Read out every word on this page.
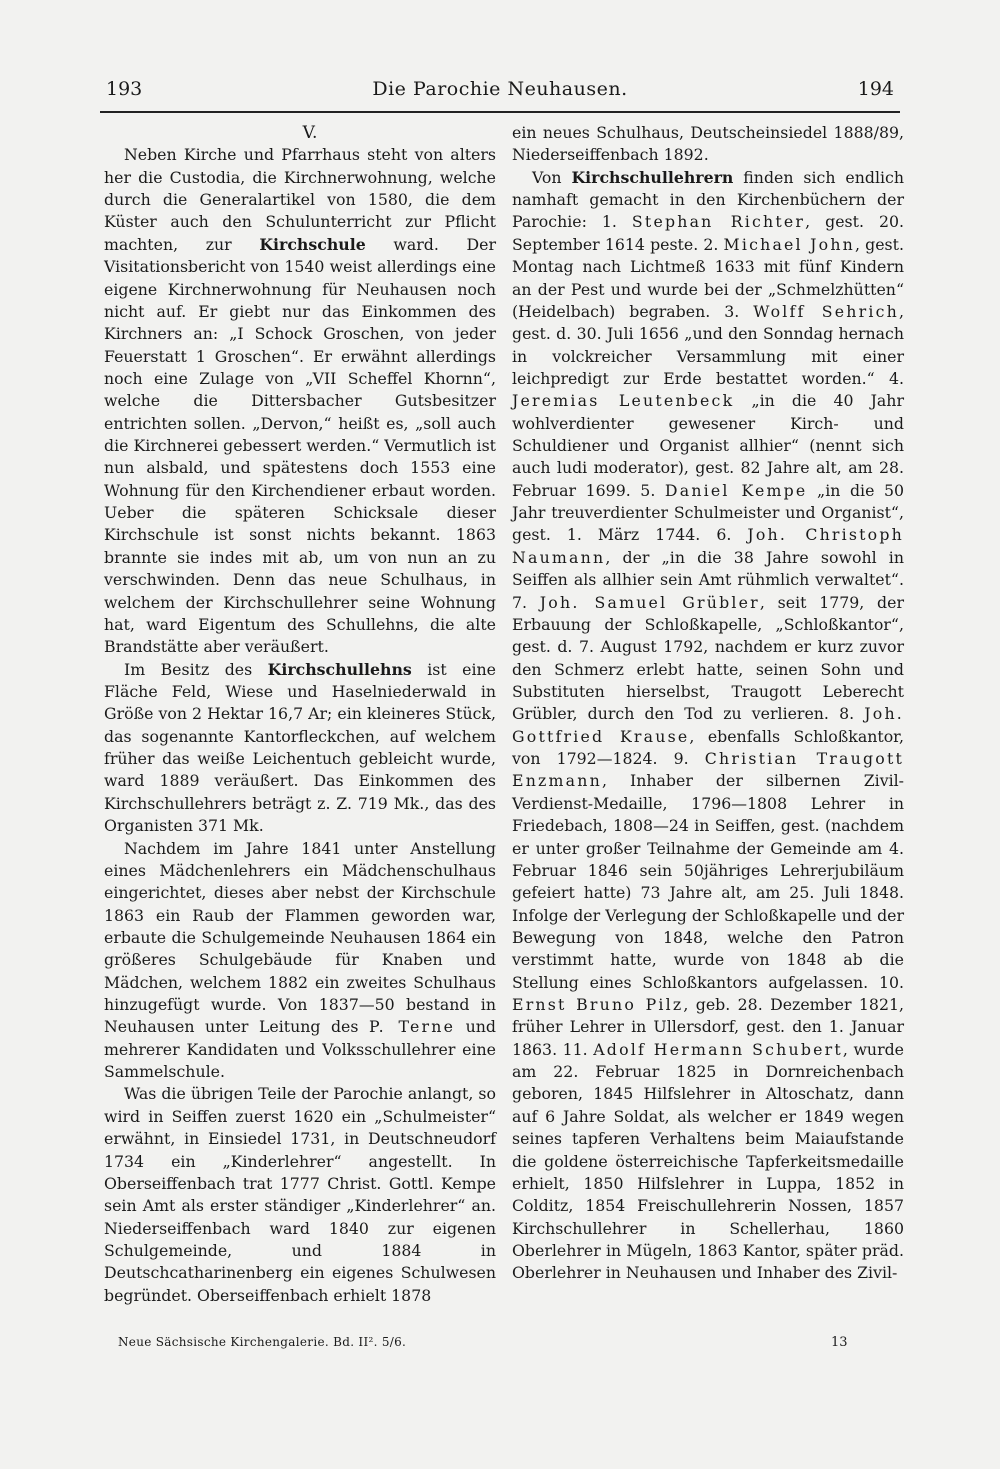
193	Die Parochie Neuhausen.	194

V.

Neben Kirche und Pfarrhaus steht von alters her die Custodia, die Kirchnerwohnung, welche durch die Generalartikel von 1580, die dem Küster auch den Schulunterricht zur Pflicht machten, zur Kirchschule ward. Der Visitationsbericht von 1540 weist allerdings eine eigene Kirchnerwohnung für Neuhausen noch nicht auf. Er giebt nur das Einkommen des Kirchners an: „I Schock Groschen, von jeder Feuerstatt 1 Groschen“. Er erwähnt allerdings noch eine Zulage von „VII Scheffel Khornn“, welche die Dittersbacher Gutsbesitzer entrichten sollen. „Dervon,“ heißt es, „soll auch die Kirchnerei gebessert werden.“ Vermutlich ist nun alsbald, und spätestens doch 1553 eine Wohnung für den Kirchendiener erbaut worden. Ueber die späteren Schicksale dieser Kirchschule ist sonst nichts bekannt. 1863 brannte sie indes mit ab, um von nun an zu verschwinden. Denn das neue Schulhaus, in welchem der Kirchschullehrer seine Wohnung hat, ward Eigentum des Schullehns, die alte Brandstätte aber veräußert.

Im Besitz des Kirchschullehns ist eine Fläche Feld, Wiese und Haselniederwald in Größe von 2 Hektar 16,7 Ar; ein kleineres Stück, das sogenannte Kantorfleckchen, auf welchem früher das weiße Leichentuch gebleicht wurde, ward 1889 veräußert. Das Einkommen des Kirchschullehrers beträgt z. Z. 719 Mk., das des Organisten 371 Mk.

Nachdem im Jahre 1841 unter Anstellung eines Mädchenlehrers ein Mädchenschulhaus eingerichtet, dieses aber nebst der Kirchschule 1863 ein Raub der Flammen geworden war, erbaute die Schulgemeinde Neuhausen 1864 ein größeres Schulgebäude für Knaben und Mädchen, welchem 1882 ein zweites Schulhaus hinzugefügt wurde. Von 1837—50 bestand in Neuhausen unter Leitung des P. Terne und mehrerer Kandidaten und Volksschullehrer eine Sammelschule.

Was die übrigen Teile der Parochie anlangt, so wird in Seiffen zuerst 1620 ein „Schulmeister“ erwähnt, in Einsiedel 1731, in Deutschneudorf 1734 ein „Kinderlehrer“ angestellt. In Oberseiffenbach trat 1777 Christ. Gottl. Kempe sein Amt als erster ständiger „Kinderlehrer“ an. Niederseiffenbach ward 1840 zur eigenen Schulgemeinde, und 1884 in Deutschcatharinenberg ein eigenes Schulwesen begründet. Oberseiffenbach erhielt 1878

ein neues Schulhaus, Deutscheinsiedel 1888/89, Niederseiffenbach 1892.

Von Kirchschullehrern finden sich endlich namhaft gemacht in den Kirchenbüchern der Parochie: 1. Stephan Richter, gest. 20. September 1614 peste. 2. Michael John, gest. Montag nach Lichtmeß 1633 mit fünf Kindern an der Pest und wurde bei der „Schmelzhütten“ (Heidelbach) begraben. 3. Wolff Sehrich, gest. d. 30. Juli 1656 „und den Sonndag hernach in volckreicher Versammlung mit einer leichpredigt zur Erde bestattet worden.“ 4. Jeremias Leutenbeck „in die 40 Jahr wohlverdienter gewesener Kirch- und Schuldiener und Organist allhier“ (nennt sich auch ludi moderator), gest. 82 Jahre alt, am 28. Februar 1699. 5. Daniel Kempe „in die 50 Jahr treuverdienter Schulmeister und Organist“, gest. 1. März 1744. 6. Joh. Christoph Naumann, der „in die 38 Jahre sowohl in Seiffen als allhier sein Amt rühmlich verwaltet“. 7. Joh. Samuel Grübler, seit 1779, der Erbauung der Schloßkapelle, „Schloßkantor“, gest. d. 7. August 1792, nachdem er kurz zuvor den Schmerz erlebt hatte, seinen Sohn und Substituten hierselbst, Traugott Leberecht Grübler, durch den Tod zu verlieren. 8. Joh. Gottfried Krause, ebenfalls Schloßkantor, von 1792—1824. 9. Christian Traugott Enzmann, Inhaber der silbernen Zivil-Verdienst-Medaille, 1796—1808 Lehrer in Friedebach, 1808—24 in Seiffen, gest. (nachdem er unter großer Teilnahme der Gemeinde am 4. Februar 1846 sein 50jähriges Lehrerjubiläum gefeiert hatte) 73 Jahre alt, am 25. Juli 1848. Infolge der Verlegung der Schloßkapelle und der Bewegung von 1848, welche den Patron verstimmt hatte, wurde von 1848 ab die Stellung eines Schloßkantors aufgelassen. 10. Ernst Bruno Pilz, geb. 28. Dezember 1821, früher Lehrer in Ullersdorf, gest. den 1. Januar 1863. 11. Adolf Hermann Schubert, wurde am 22. Februar 1825 in Dornreichenbach geboren, 1845 Hilfslehrer in Altoschatz, dann auf 6 Jahre Soldat, als welcher er 1849 wegen seines tapferen Verhaltens beim Maiaufstande die goldene österreichische Tapferkeitsmedaille erhielt, 1850 Hilfslehrer in Luppa, 1852 in Colditz, 1854 Freischullehrerin Nossen, 1857 Kirchschullehrer in Schellerhau, 1860 Oberlehrer in Mügeln, 1863 Kantor, später präd. Oberlehrer in Neuhausen und Inhaber des Zivil-

Neue Sächsische Kirchengalerie. Bd. II². 5/6.	13
